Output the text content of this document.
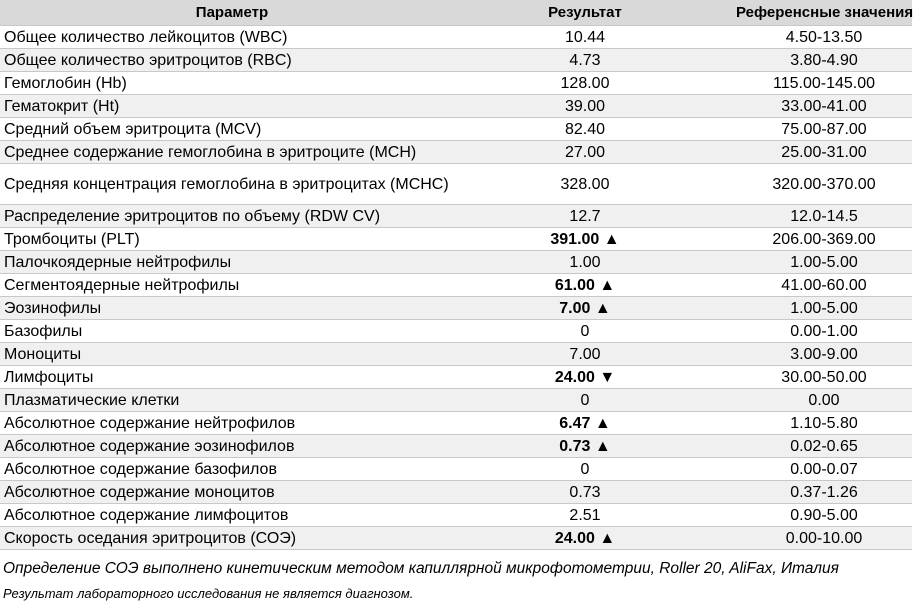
Параметр	Результат	Референсные значения
Общее количество лейкоцитов (WBC)	10.44	4.50-13.50
Общее количество эритроцитов (RBC)	4.73	3.80-4.90
Гемоглобин (Hb)	128.00	115.00-145.00
Гематокрит (Ht)	39.00	33.00-41.00
Средний объем эритроцита (MCV)	82.40	75.00-87.00
Среднее содержание гемоглобина в эритроците (MCH)	27.00	25.00-31.00
Средняя концентрация гемоглобина в эритроцитах (MCHC)	328.00	320.00-370.00
Распределение эритроцитов по объему (RDW CV)	12.7	12.0-14.5
Тромбоциты (PLT)	391.00 ▲	206.00-369.00
Палочкоядерные нейтрофилы	1.00	1.00-5.00
Сегментоядерные нейтрофилы	61.00 ▲	41.00-60.00
Эозинофилы	7.00 ▲	1.00-5.00
Базофилы	0	0.00-1.00
Моноциты	7.00	3.00-9.00
Лимфоциты	24.00 ▼	30.00-50.00
Плазматические клетки	0	0.00
Абсолютное содержание нейтрофилов	6.47 ▲	1.10-5.80
Абсолютное содержание эозинофилов	0.73 ▲	0.02-0.65
Абсолютное содержание базофилов	0	0.00-0.07
Абсолютное содержание моноцитов	0.73	0.37-1.26
Абсолютное содержание лимфоцитов	2.51	0.90-5.00
Скорость оседания эритроцитов (СОЭ)	24.00 ▲	0.00-10.00
Определение СОЭ выполнено кинетическим методом капиллярной микрофотометрии, Roller 20, AliFax, Италия
Результат лабораторного исследования не является диагнозом.
